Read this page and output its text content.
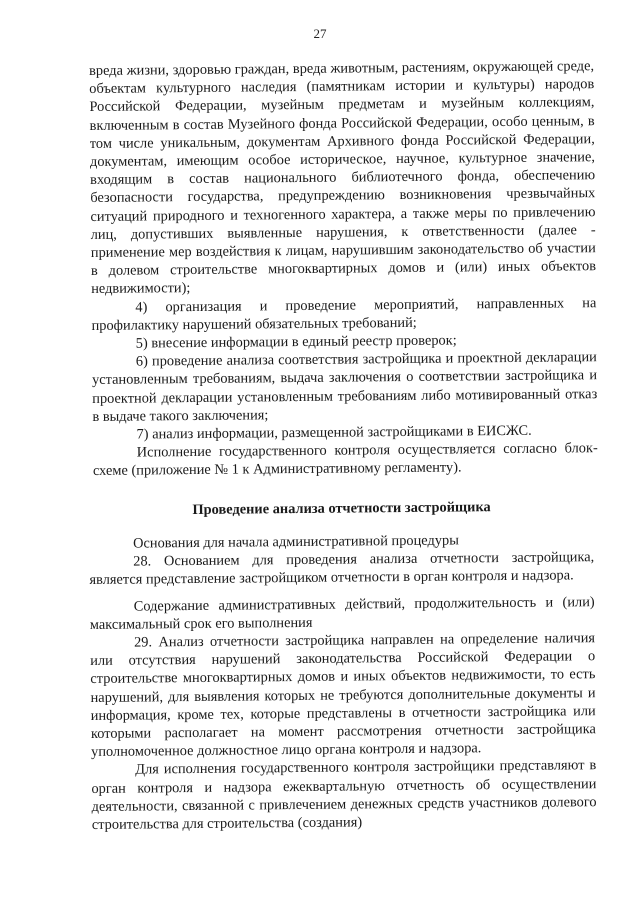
27

вреда жизни, здоровью граждан, вреда животным, растениям, окружающей среде, объектам культурного наследия (памятникам истории и культуры) народов Российской Федерации, музейным предметам и музейным коллекциям, включенным в состав Музейного фонда Российской Федерации, особо ценным, в том числе уникальным, документам Архивного фонда Российской Федерации, документам, имеющим особое историческое, научное, культурное значение, входящим в состав национального библиотечного фонда, обеспечению безопасности государства, предупреждению возникновения чрезвычайных ситуаций природного и техногенного характера, а также меры по привлечению лиц, допустивших выявленные нарушения, к ответственности (далее - применение мер воздействия к лицам, нарушившим законодательство об участии в долевом строительстве многоквартирных домов и (или) иных объектов недвижимости);

4) организация и проведение мероприятий, направленных на профилактику нарушений обязательных требований;

5) внесение информации в единый реестр проверок;

6) проведение анализа соответствия застройщика и проектной декларации установленным требованиям, выдача заключения о соответствии застройщика и проектной декларации установленным требованиям либо мотивированный отказ в выдаче такого заключения;

7) анализ информации, размещенной застройщиками в ЕИСЖС.

Исполнение государственного контроля осуществляется согласно блок-схеме (приложение № 1 к Административному регламенту).

Проведение анализа отчетности застройщика

Основания для начала административной процедуры

28. Основанием для проведения анализа отчетности застройщика, является представление застройщиком отчетности в орган контроля и надзора.

Содержание административных действий, продолжительность и (или) максимальный срок его выполнения

29. Анализ отчетности застройщика направлен на определение наличия или отсутствия нарушений законодательства Российской Федерации о строительстве многоквартирных домов и иных объектов недвижимости, то есть нарушений, для выявления которых не требуются дополнительные документы и информация, кроме тех, которые представлены в отчетности застройщика или которыми располагает на момент рассмотрения отчетности застройщика уполномоченное должностное лицо органа контроля и надзора.

Для исполнения государственного контроля застройщики представляют в орган контроля и надзора ежеквартальную отчетность об осуществлении деятельности, связанной с привлечением денежных средств участников долевого строительства для строительства (создания)
